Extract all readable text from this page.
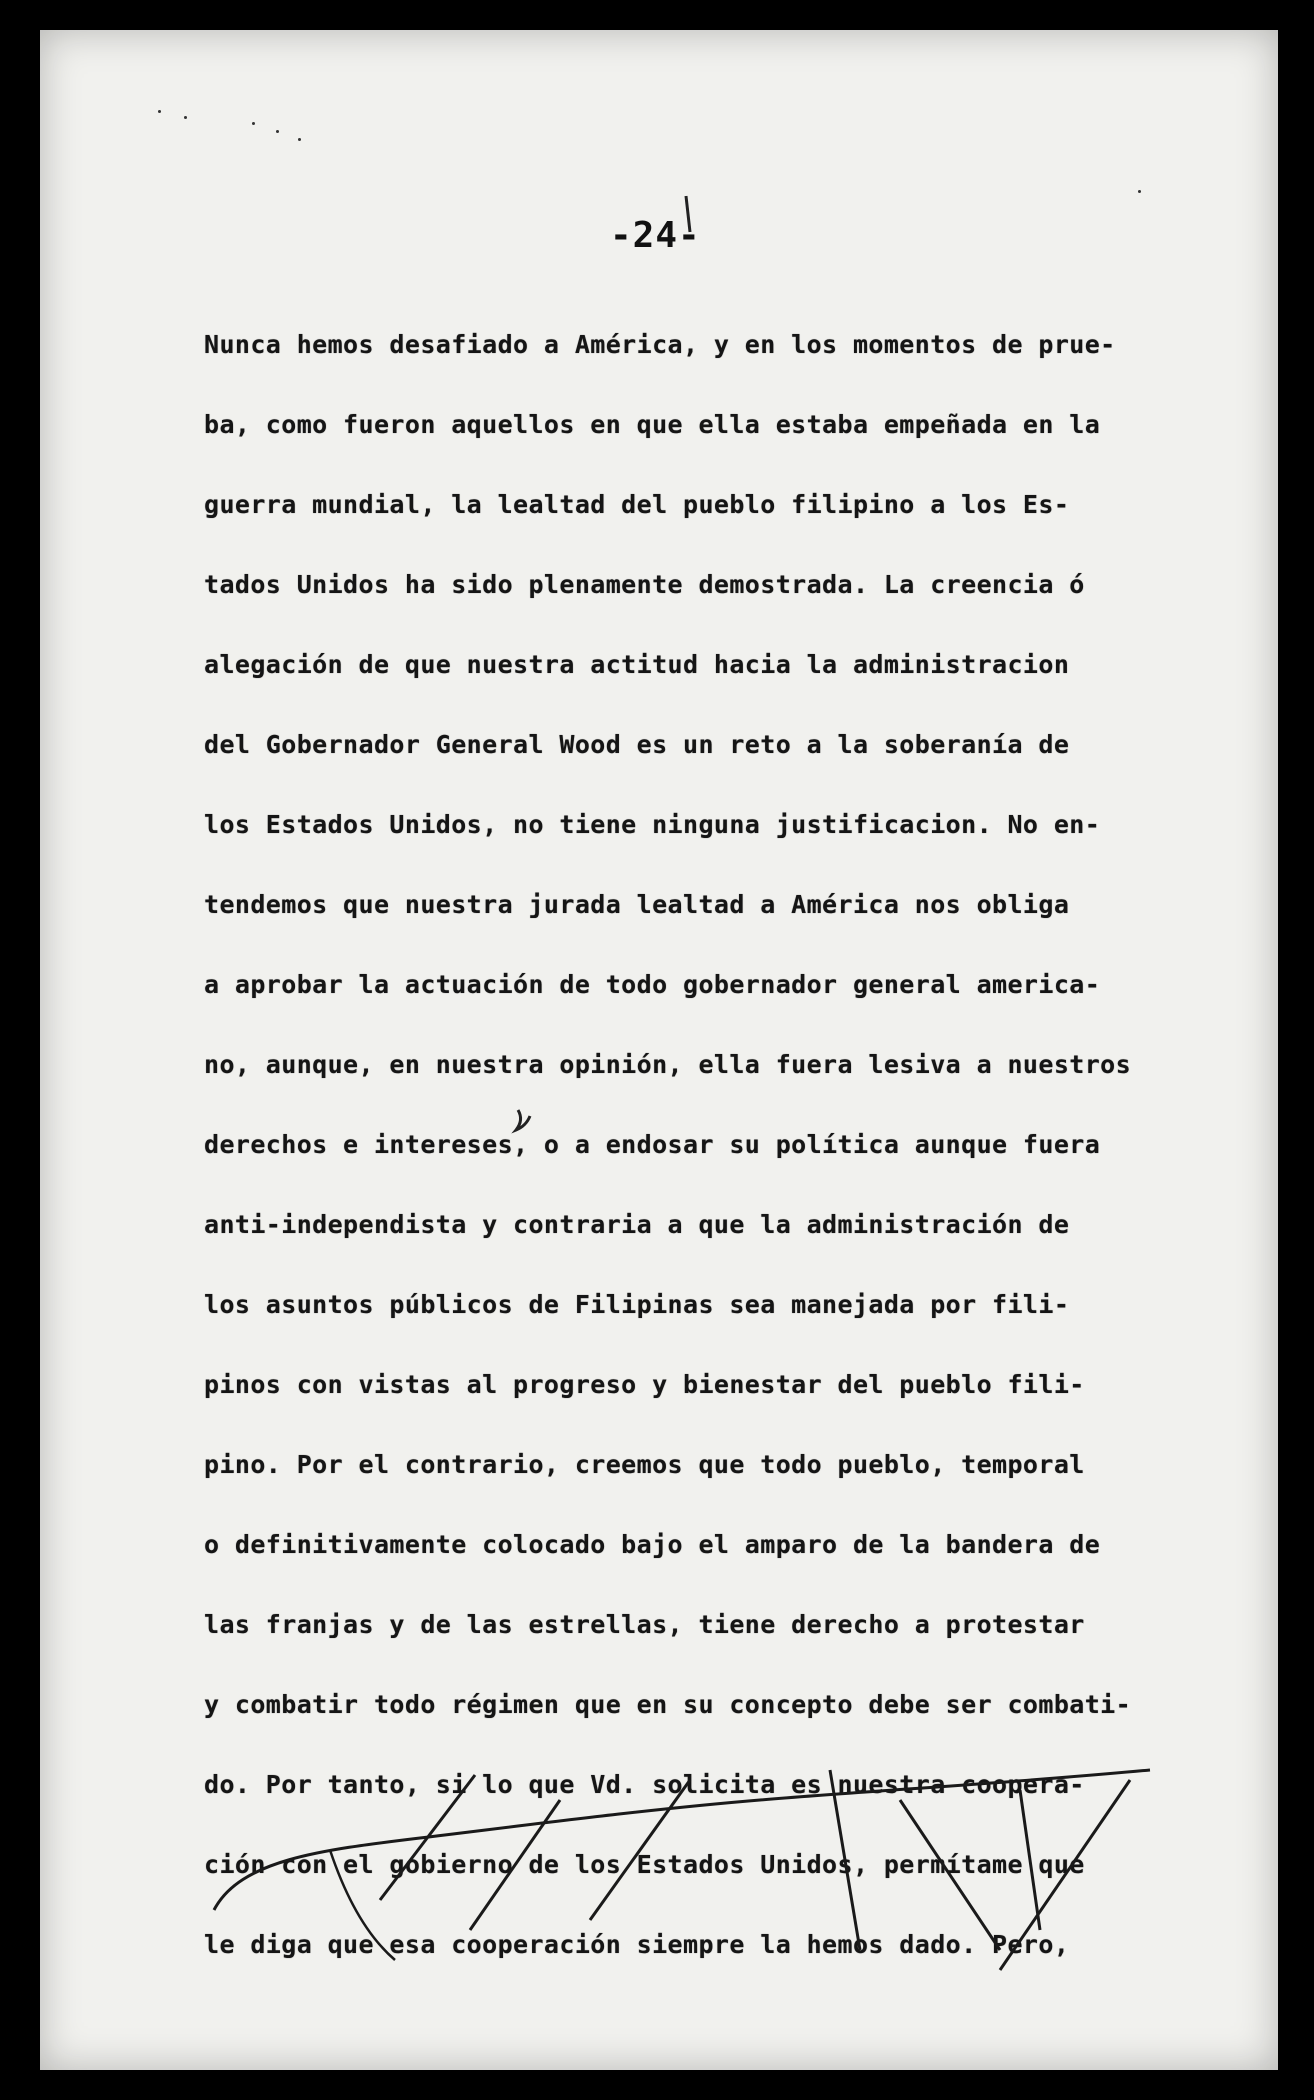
-24-
Nunca hemos desafiado a América, y en los momentos de prue-
ba, como fueron aquellos en que ella estaba empeñada en la
guerra mundial, la lealtad del pueblo filipino a los Es-
tados Unidos ha sido plenamente demostrada. La creencia ó
alegación de que nuestra actitud hacia la administracion
del Gobernador General Wood es un reto a la soberanía de
los Estados Unidos, no tiene ninguna justificacion. No en-
tendemos que nuestra jurada lealtad a América nos obliga
a aprobar la actuación de todo gobernador general america-
no, aunque, en nuestra opinión, ella fuera lesiva a nuestros
derechos e intereses, o a endosar su política aunque fuera
anti-independista y contraria a que la administración de
los asuntos públicos de Filipinas sea manejada por fili-
pinos con vistas al progreso y bienestar del pueblo fili-
pino. Por el contrario, creemos que todo pueblo, temporal
o definitivamente colocado bajo el amparo de la bandera de
las franjas y de las estrellas, tiene derecho a protestar
y combatir todo régimen que en su concepto debe ser combati-
do. Por tanto, si lo que Vd. solicita es nuestra coopera-
ción con el gobierno de los Estados Unidos, permítame que
le diga que esa cooperación siempre la hemos dado. Pero,
